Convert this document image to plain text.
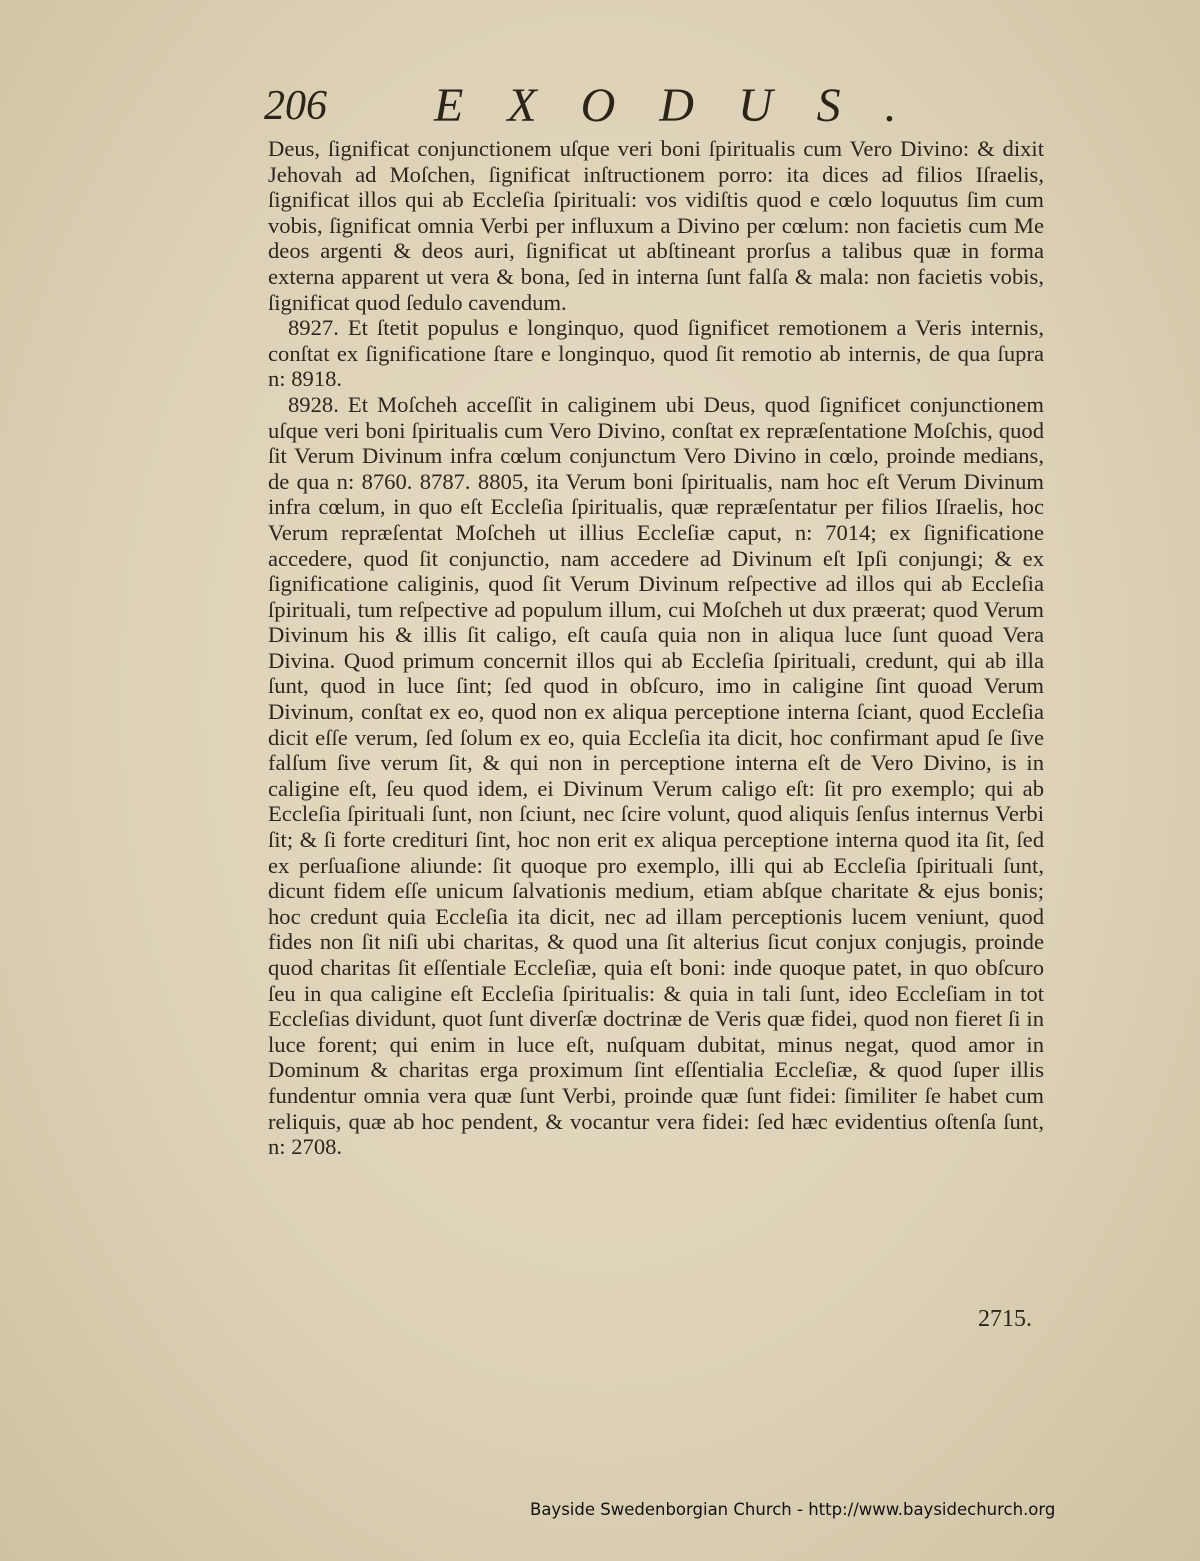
206 EXODUS.

Deus, ſignificat conjunctionem uſque veri boni ſpiritualis cum Vero Divino: & dixit Jehovah ad Moſchen, ſignificat inſtructionem porro: ita dices ad filios Iſraelis, ſignificat illos qui ab Eccleſia ſpirituali: vos vidiſtis quod e cœlo loquutus ſim cum vobis, ſignificat omnia Verbi per influxum a Divino per cœlum: non facietis cum Me deos argenti & deos auri, ſignificat ut abſtineant prorſus a talibus quæ in forma externa apparent ut vera & bona, ſed in interna ſunt falſa & mala: non facietis vobis, ſignificat quod ſedulo cavendum.

8927. Et ſtetit populus e longinquo, quod ſignificet remotionem a Veris internis, conſtat ex ſignificatione ſtare e longinquo, quod ſit remotio ab internis, de qua ſupra n: 8918.

8928. Et Moſcheh acceſſit in caliginem ubi Deus, quod ſignificet conjunctionem uſque veri boni ſpiritualis cum Vero Divino, conſtat ex repræſentatione Moſchis, quod ſit Verum Divinum infra cœlum conjunctum Vero Divino in cœlo, proinde medians, de qua n: 8760. 8787. 8805, ita Verum boni ſpiritualis, nam hoc eſt Verum Divinum infra cœlum, in quo eſt Eccleſia ſpiritualis, quæ repræſentatur per filios Iſraelis, hoc Verum repræſentat Moſcheh ut illius Eccleſiæ caput, n: 7014; ex ſignificatione accedere, quod ſit conjunctio, nam accedere ad Divinum eſt Ipſi conjungi; & ex ſignificatione caliginis, quod ſit Verum Divinum reſpective ad illos qui ab Eccleſia ſpirituali, tum reſpective ad populum illum, cui Moſcheh ut dux præerat; quod Verum Divinum his & illis ſit caligo, eſt cauſa quia non in aliqua luce ſunt quoad Vera Divina. Quod primum concernit illos qui ab Eccleſia ſpirituali, credunt, qui ab illa ſunt, quod in luce ſint; ſed quod in obſcuro, imo in caligine ſint quoad Verum Divinum, conſtat ex eo, quod non ex aliqua perceptione interna ſciant, quod Eccleſia dicit eſſe verum, ſed ſolum ex eo, quia Eccleſia ita dicit, hoc confirmant apud ſe ſive falſum ſive verum ſit, & qui non in perceptione interna eſt de Vero Divino, is in caligine eſt, ſeu quod idem, ei Divinum Verum caligo eſt: ſit pro exemplo; qui ab Eccleſia ſpirituali ſunt, non ſciunt, nec ſcire volunt, quod aliquis ſenſus internus Verbi ſit; & ſi forte credituri ſint, hoc non erit ex aliqua perceptione interna quod ita ſit, ſed ex perſuaſione aliunde: ſit quoque pro exemplo, illi qui ab Eccleſia ſpirituali ſunt, dicunt fidem eſſe unicum ſalvationis medium, etiam abſque charitate & ejus bonis; hoc credunt quia Eccleſia ita dicit, nec ad illam perceptionis lucem veniunt, quod fides non ſit niſi ubi charitas, & quod una ſit alterius ſicut conjux conjugis, proinde quod charitas ſit eſſentiale Eccleſiæ, quia eſt boni: inde quoque patet, in quo obſcuro ſeu in qua caligine eſt Eccleſia ſpiritualis: & quia in tali ſunt, ideo Eccleſiam in tot Eccleſias dividunt, quot ſunt diverſæ doctrinæ de Veris quæ fidei, quod non fieret ſi in luce forent; qui enim in luce eſt, nuſquam dubitat, minus negat, quod amor in Dominum & charitas erga proximum ſint eſſentialia Eccleſiæ, & quod ſuper illis fundentur omnia vera quæ ſunt Verbi, proinde quæ ſunt fidei: ſimiliter ſe habet cum reliquis, quæ ab hoc pendent, & vocantur vera fidei: ſed hæc evidentius oſtenſa ſunt, n: 2708.

2715.
Bayside Swedenborgian Church - http://www.baysidechurch.org
